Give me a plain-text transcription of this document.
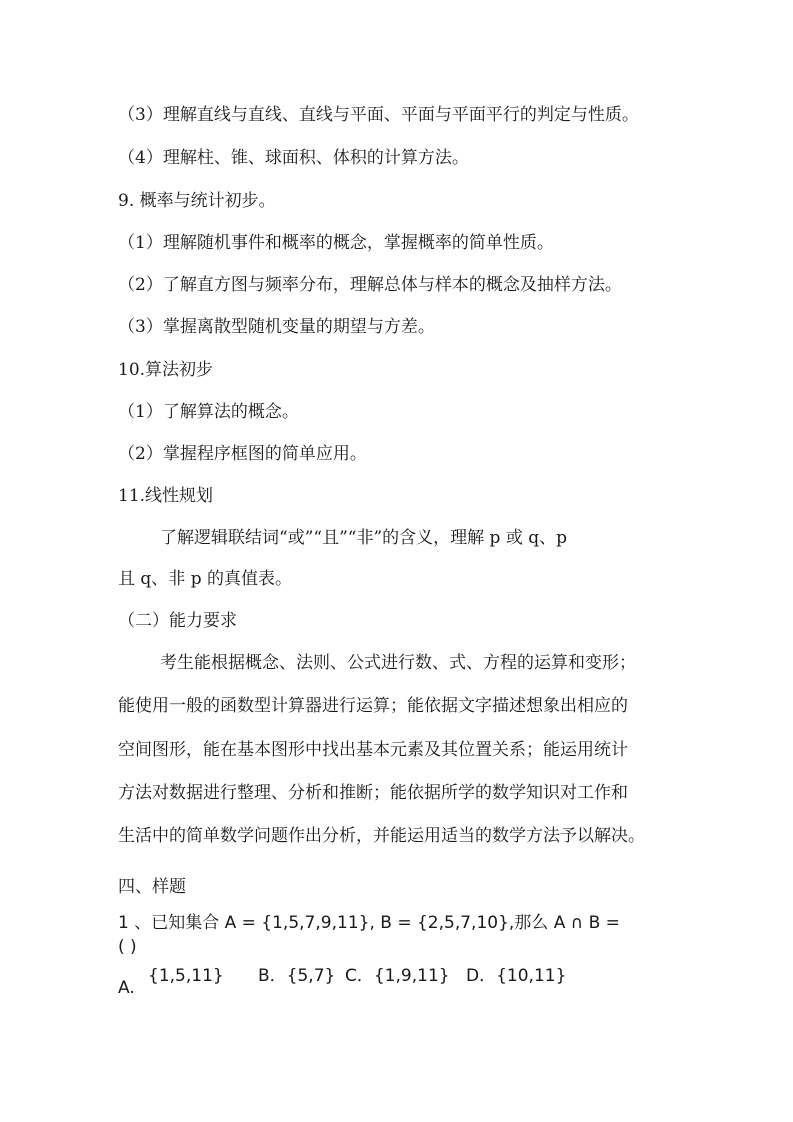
（3）理解直线与直线、直线与平面、平面与平面平行的判定与性质。
（4）理解柱、锥、球面积、体积的计算方法。
9. 概率与统计初步。
（1）理解随机事件和概率的概念，掌握概率的简单性质。
（2）了解直方图与频率分布，理解总体与样本的概念及抽样方法。
（3）掌握离散型随机变量的期望与方差。
10.算法初步
（1）了解算法的概念。
（2）掌握程序框图的简单应用。
11.线性规划
了解逻辑联结词“或”“且”“非”的含义，理解 p 或 q、p
且 q、非 p 的真值表。
（二）能力要求
考生能根据概念、法则、公式进行数、式、方程的运算和变形；
能使用一般的函数型计算器进行运算；能依据文字描述想象出相应的
空间图形，能在基本图形中找出基本元素及其位置关系；能运用统计
方法对数据进行整理、分析和推断；能依据所学的数学知识对工作和
生活中的简单数学问题作出分析，并能运用适当的数学方法予以解决。
四、样题
1 、已知集合 A = {1,5,7,9,11}, B = {2,5,7,10},那么 A ∩ B =
( )
A.
{1,5,11} B．{5,7} C．{1,9,11} D．{10,11}
